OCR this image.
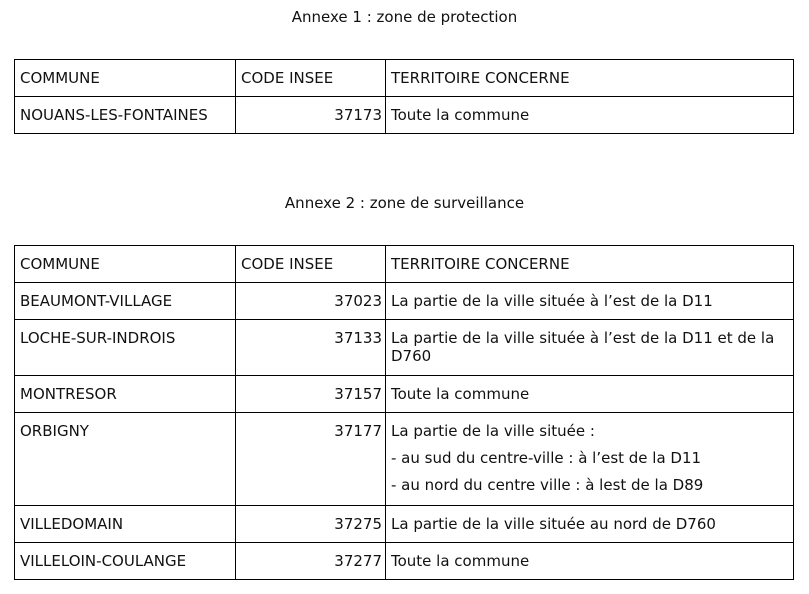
Annexe 1 : zone de protection
COMMUNE	CODE INSEE	TERRITOIRE CONCERNE
NOUANS-LES-FONTAINES	37173	Toute la commune
Annexe 2 : zone de surveillance
COMMUNE	CODE INSEE	TERRITOIRE CONCERNE
BEAUMONT-VILLAGE	37023	La partie de la ville située à l’est de la D11

LOCHE-SUR-INDROIS	37133	La partie de la ville située à l’est de la D11 et de la D760

MONTRESOR	37157	Toute la commune

ORBIGNY	37177	La partie de la ville située :
- au sud du centre-ville : à l’est de la D11
- au nord du centre ville : à lest de la D89

VILLEDOMAIN	37275	La partie de la ville située au nord de D760

VILLELOIN-COULANGE	37277	Toute la commune
